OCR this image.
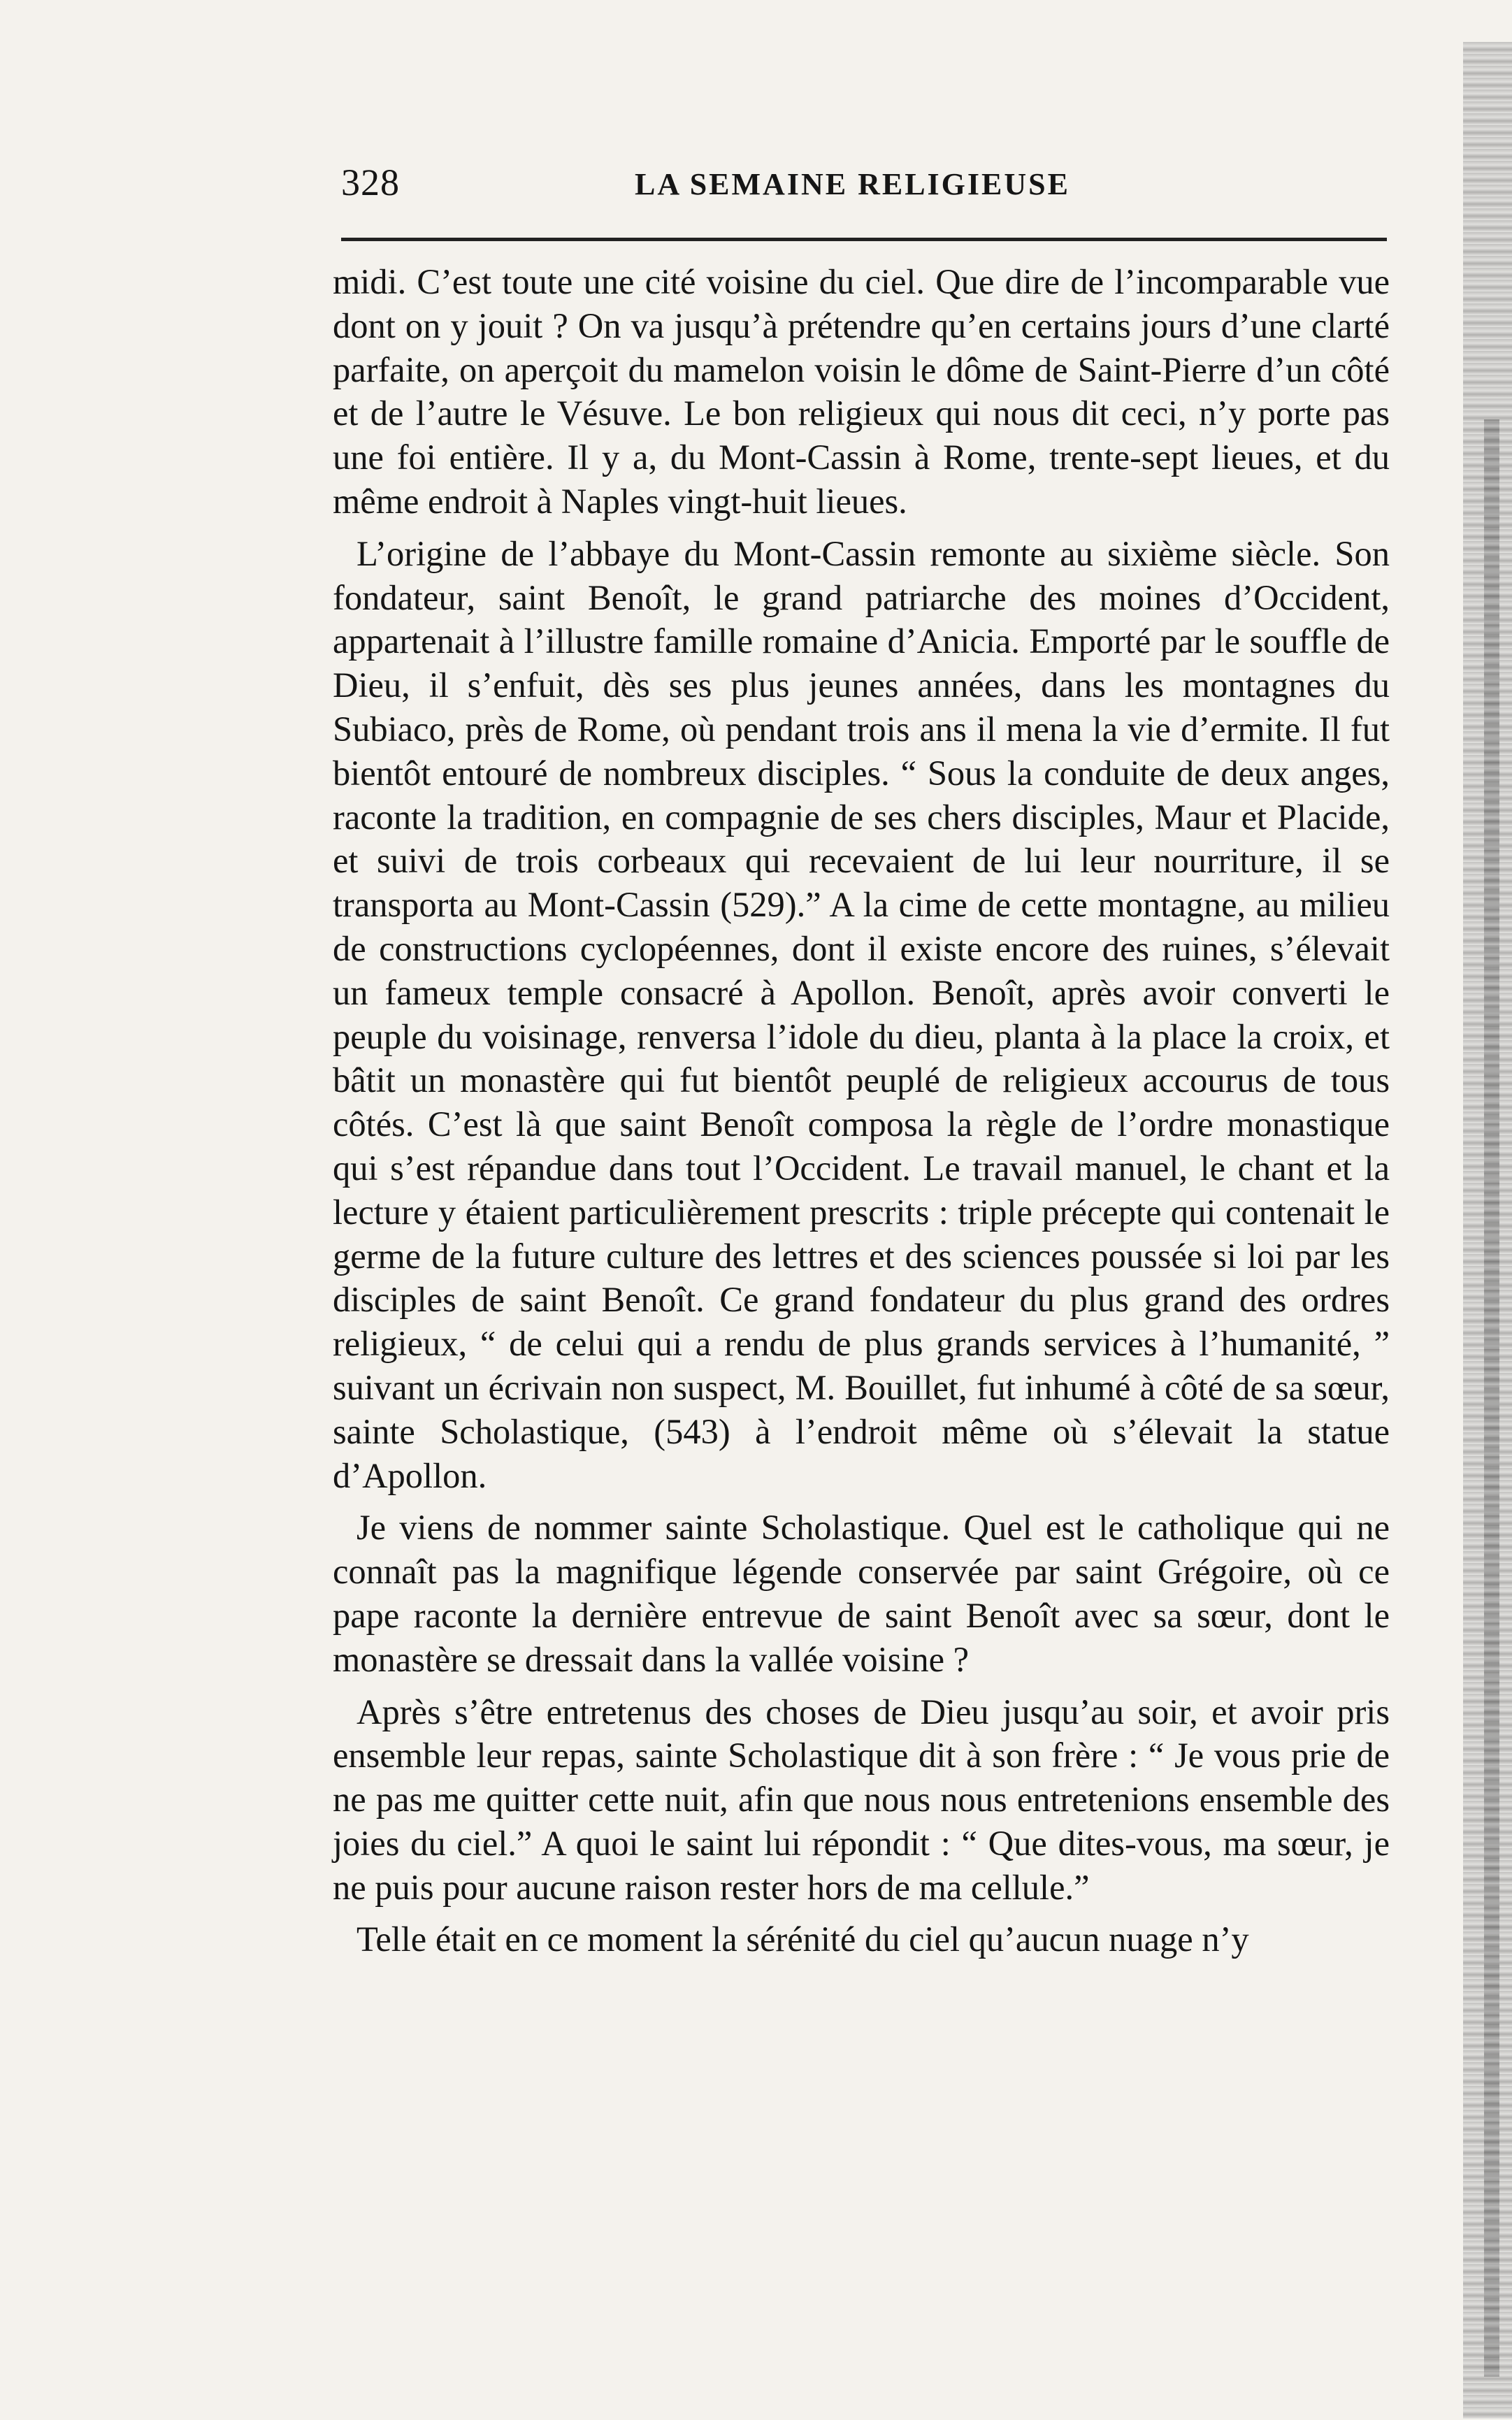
328	LA SEMAINE RELIGIEUSE

midi. C’est toute une cité voisine du ciel. Que dire de l’incomparable vue dont on y jouit ? On va jusqu’à prétendre qu’en certains jours d’une clarté parfaite, on aperçoit du mamelon voisin le dôme de Saint-Pierre d’un côté et de l’autre le Vésuve. Le bon religieux qui nous dit ceci, n’y porte pas une foi entière. Il y a, du Mont-Cassin à Rome, trente-sept lieues, et du même endroit à Naples vingt-huit lieues.

L’origine de l’abbaye du Mont-Cassin remonte au sixième siècle. Son fondateur, saint Benoît, le grand patriarche des moines d’Occident, appartenait à l’illustre famille romaine d’Anicia. Emporté par le souffle de Dieu, il s’enfuit, dès ses plus jeunes années, dans les montagnes du Subiaco, près de Rome, où pendant trois ans il mena la vie d’ermite. Il fut bientôt entouré de nombreux disciples. “ Sous la conduite de deux anges, raconte la tradition, en compagnie de ses chers disciples, Maur et Placide, et suivi de trois corbeaux qui recevaient de lui leur nourriture, il se transporta au Mont-Cassin (529).” A la cime de cette montagne, au milieu de constructions cyclopéennes, dont il existe encore des ruines, s’élevait un fameux temple consacré à Apollon. Benoît, après avoir converti le peuple du voisinage, renversa l’idole du dieu, planta à la place la croix, et bâtit un monastère qui fut bientôt peuplé de religieux accourus de tous côtés. C’est là que saint Benoît composa la règle de l’ordre monastique qui s’est répandue dans tout l’Occident. Le travail manuel, le chant et la lecture y étaient particulièrement prescrits : triple précepte qui contenait le germe de la future culture des lettres et des sciences poussée si loi par les disciples de saint Benoît. Ce grand fondateur du plus grand des ordres religieux, “ de celui qui a rendu de plus grands services à l’humanité, ” suivant un écrivain non suspect, M. Bouillet, fut inhumé à côté de sa sœur, sainte Scholastique, (543) à l’endroit même où s’élevait la statue d’Apollon.

Je viens de nommer sainte Scholastique. Quel est le catholique qui ne connaît pas la magnifique légende conservée par saint Grégoire, où ce pape raconte la dernière entrevue de saint Benoît avec sa sœur, dont le monastère se dressait dans la vallée voisine ?

Après s’être entretenus des choses de Dieu jusqu’au soir, et avoir pris ensemble leur repas, sainte Scholastique dit à son frère : “ Je vous prie de ne pas me quitter cette nuit, afin que nous nous entretenions ensemble des joies du ciel.” A quoi le saint lui répondit : “ Que dites-vous, ma sœur, je ne puis pour aucune raison rester hors de ma cellule.”

Telle était en ce moment la sérénité du ciel qu’aucun nuage n’y
